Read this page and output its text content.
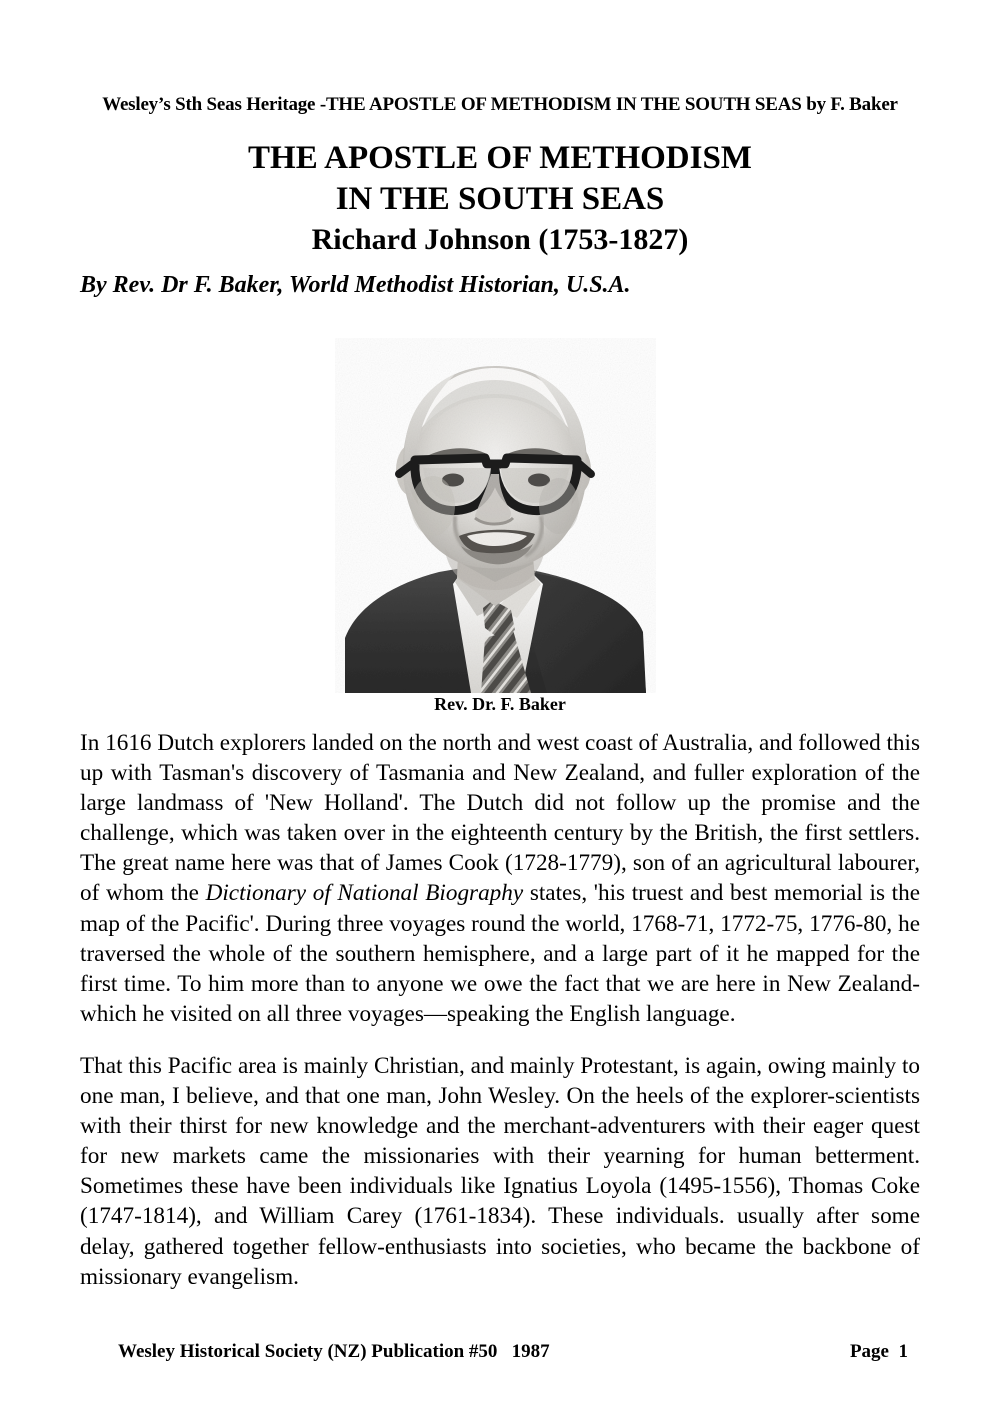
Wesley’s Sth Seas Heritage -THE APOSTLE OF METHODISM IN THE SOUTH SEAS by F. Baker
THE APOSTLE OF METHODISM
IN THE SOUTH SEAS
Richard Johnson (1753-1827)
By Rev. Dr F. Baker, World Methodist Historian, U.S.A.
Rev. Dr. F. Baker

In 1616 Dutch explorers landed on the north and west coast of Australia, and followed this up with Tasman's discovery of Tasmania and New Zealand, and fuller exploration of the large landmass of 'New Holland'. The Dutch did not follow up the promise and the challenge, which was taken over in the eighteenth century by the British, the first settlers. The great name here was that of James Cook (1728-1779), son of an agricultural labourer, of whom the Dictionary of National Biography states, 'his truest and best memorial is the map of the Pacific'. During three voyages round the world, 1768-71, 1772-75, 1776-80, he traversed the whole of the southern hemisphere, and a large part of it he mapped for the first time. To him more than to anyone we owe the fact that we are here in New Zealand-which he visited on all three voyages—speaking the English language.

That this Pacific area is mainly Christian, and mainly Protestant, is again, owing mainly to one man, I believe, and that one man, John Wesley. On the heels of the explorer-scientists with their thirst for new knowledge and the merchant-adventurers with their eager quest for new markets came the missionaries with their yearning for human betterment. Sometimes these have been individuals like Ignatius Loyola (1495-1556), Thomas Coke (1747-1814), and William Carey (1761-1834). These individuals. usually after some delay, gathered together fellow-enthusiasts into societies, who became the backbone of missionary evangelism.

Wesley Historical Society (NZ) Publication #50   1987	Page  1
